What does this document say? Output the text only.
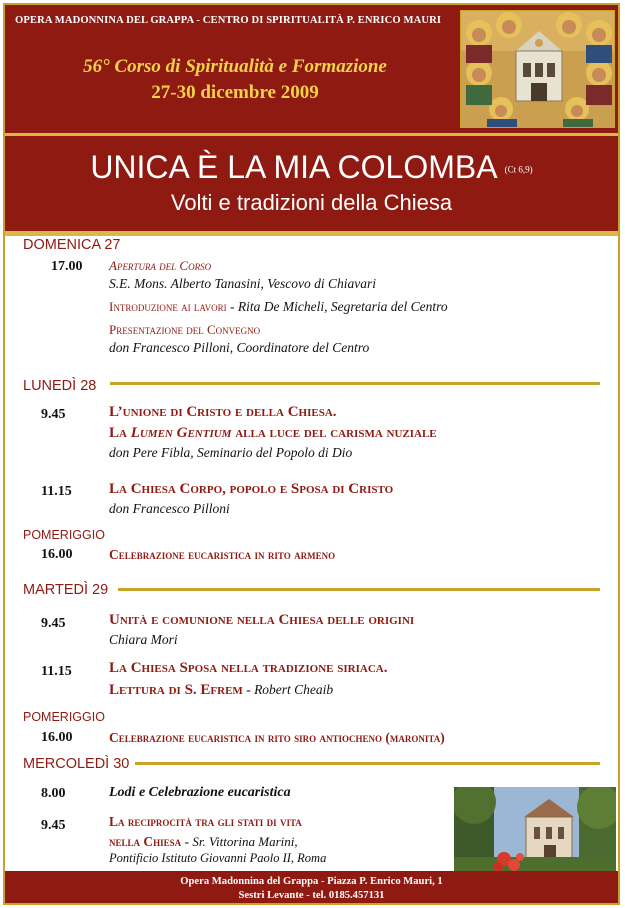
OPERA MADONNINA DEL GRAPPA - CENTRO DI SPIRITUALITÀ P. ENRICO MAURI
56° Corso di Spiritualità e Formazione
27-30 dicembre 2009
UNICA È LA MIA COLOMBA (Ct 6,9)
Volti e tradizioni della Chiesa
DOMENICA 27
17.00 Apertura del Corso
S.E. Mons. Alberto Tanasini, Vescovo di Chiavari
Introduzione ai lavori - Rita De Micheli, Segretaria del Centro
Presentazione del Convegno
don Francesco Pilloni, Coordinatore del Centro
LUNEDÌ 28
9.45	L’unione di Cristo e della Chiesa.
La Lumen Gentium alla luce del carisma nuziale
don Pere Fibla, Seminario del Popolo di Dio
11.15 La Chiesa Corpo, popolo e Sposa di Cristo
don Francesco Pilloni
POMERIGGIO
16.00	Celebrazione eucaristica in rito armeno
MARTEDÌ 29
9.45	Unità e comunione nella Chiesa delle origini
Chiara Mori
11.15 La Chiesa Sposa nella tradizione siriaca.
Lettura di S. Efrem - Robert Cheaib
POMERIGGIO
16.00	Celebrazione eucaristica in rito siro antiocheno (maronita)
MERCOLEDÌ 30
8.00	Lodi e Celebrazione eucaristica
9.45	La reciprocità tra gli stati di vita
nella Chiesa - Sr. Vittorina Marini,
Pontificio Istituto Giovanni Paolo II, Roma
Opera Madonnina del Grappa - Piazza P. Enrico Mauri, 1
Sestri Levante - tel. 0185.457131
